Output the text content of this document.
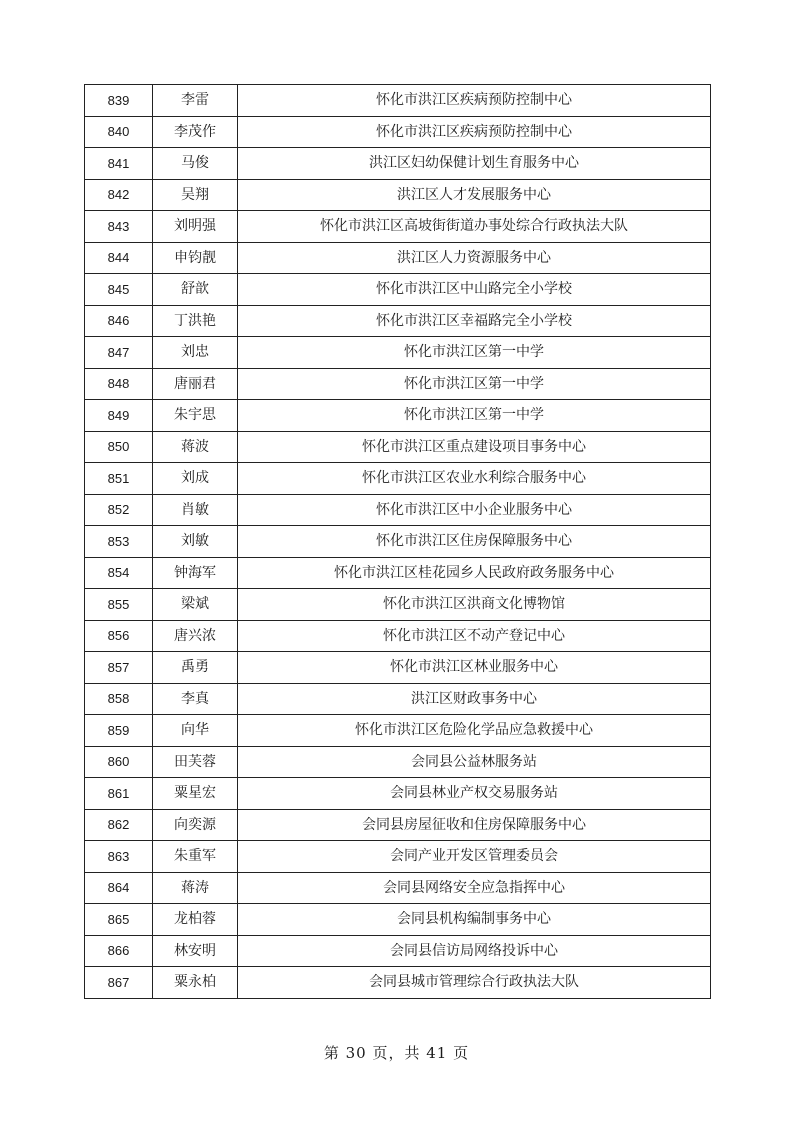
839	李雷	怀化市洪江区疾病预防控制中心
840	李茂作	怀化市洪江区疾病预防控制中心
841	马俊	洪江区妇幼保健计划生育服务中心
842	吴翔	洪江区人才发展服务中心
843	刘明强	怀化市洪江区高坡街街道办事处综合行政执法大队
844	申钧靓	洪江区人力资源服务中心
845	舒歆	怀化市洪江区中山路完全小学校
846	丁洪艳	怀化市洪江区幸福路完全小学校
847	刘忠	怀化市洪江区第一中学
848	唐丽君	怀化市洪江区第一中学
849	朱宇思	怀化市洪江区第一中学
850	蒋波	怀化市洪江区重点建设项目事务中心
851	刘成	怀化市洪江区农业水利综合服务中心
852	肖敏	怀化市洪江区中小企业服务中心
853	刘敏	怀化市洪江区住房保障服务中心
854	钟海军	怀化市洪江区桂花园乡人民政府政务服务中心
855	梁斌	怀化市洪江区洪商文化博物馆
856	唐兴浓	怀化市洪江区不动产登记中心
857	禹勇	怀化市洪江区林业服务中心
858	李真	洪江区财政事务中心
859	向华	怀化市洪江区危险化学品应急救援中心
860	田芙蓉	会同县公益林服务站
861	粟星宏	会同县林业产权交易服务站
862	向奕源	会同县房屋征收和住房保障服务中心
863	朱重军	会同产业开发区管理委员会
864	蒋涛	会同县网络安全应急指挥中心
865	龙柏蓉	会同县机构编制事务中心
866	林安明	会同县信访局网络投诉中心
867	粟永柏	会同县城市管理综合行政执法大队
第 30 页，共 41 页
